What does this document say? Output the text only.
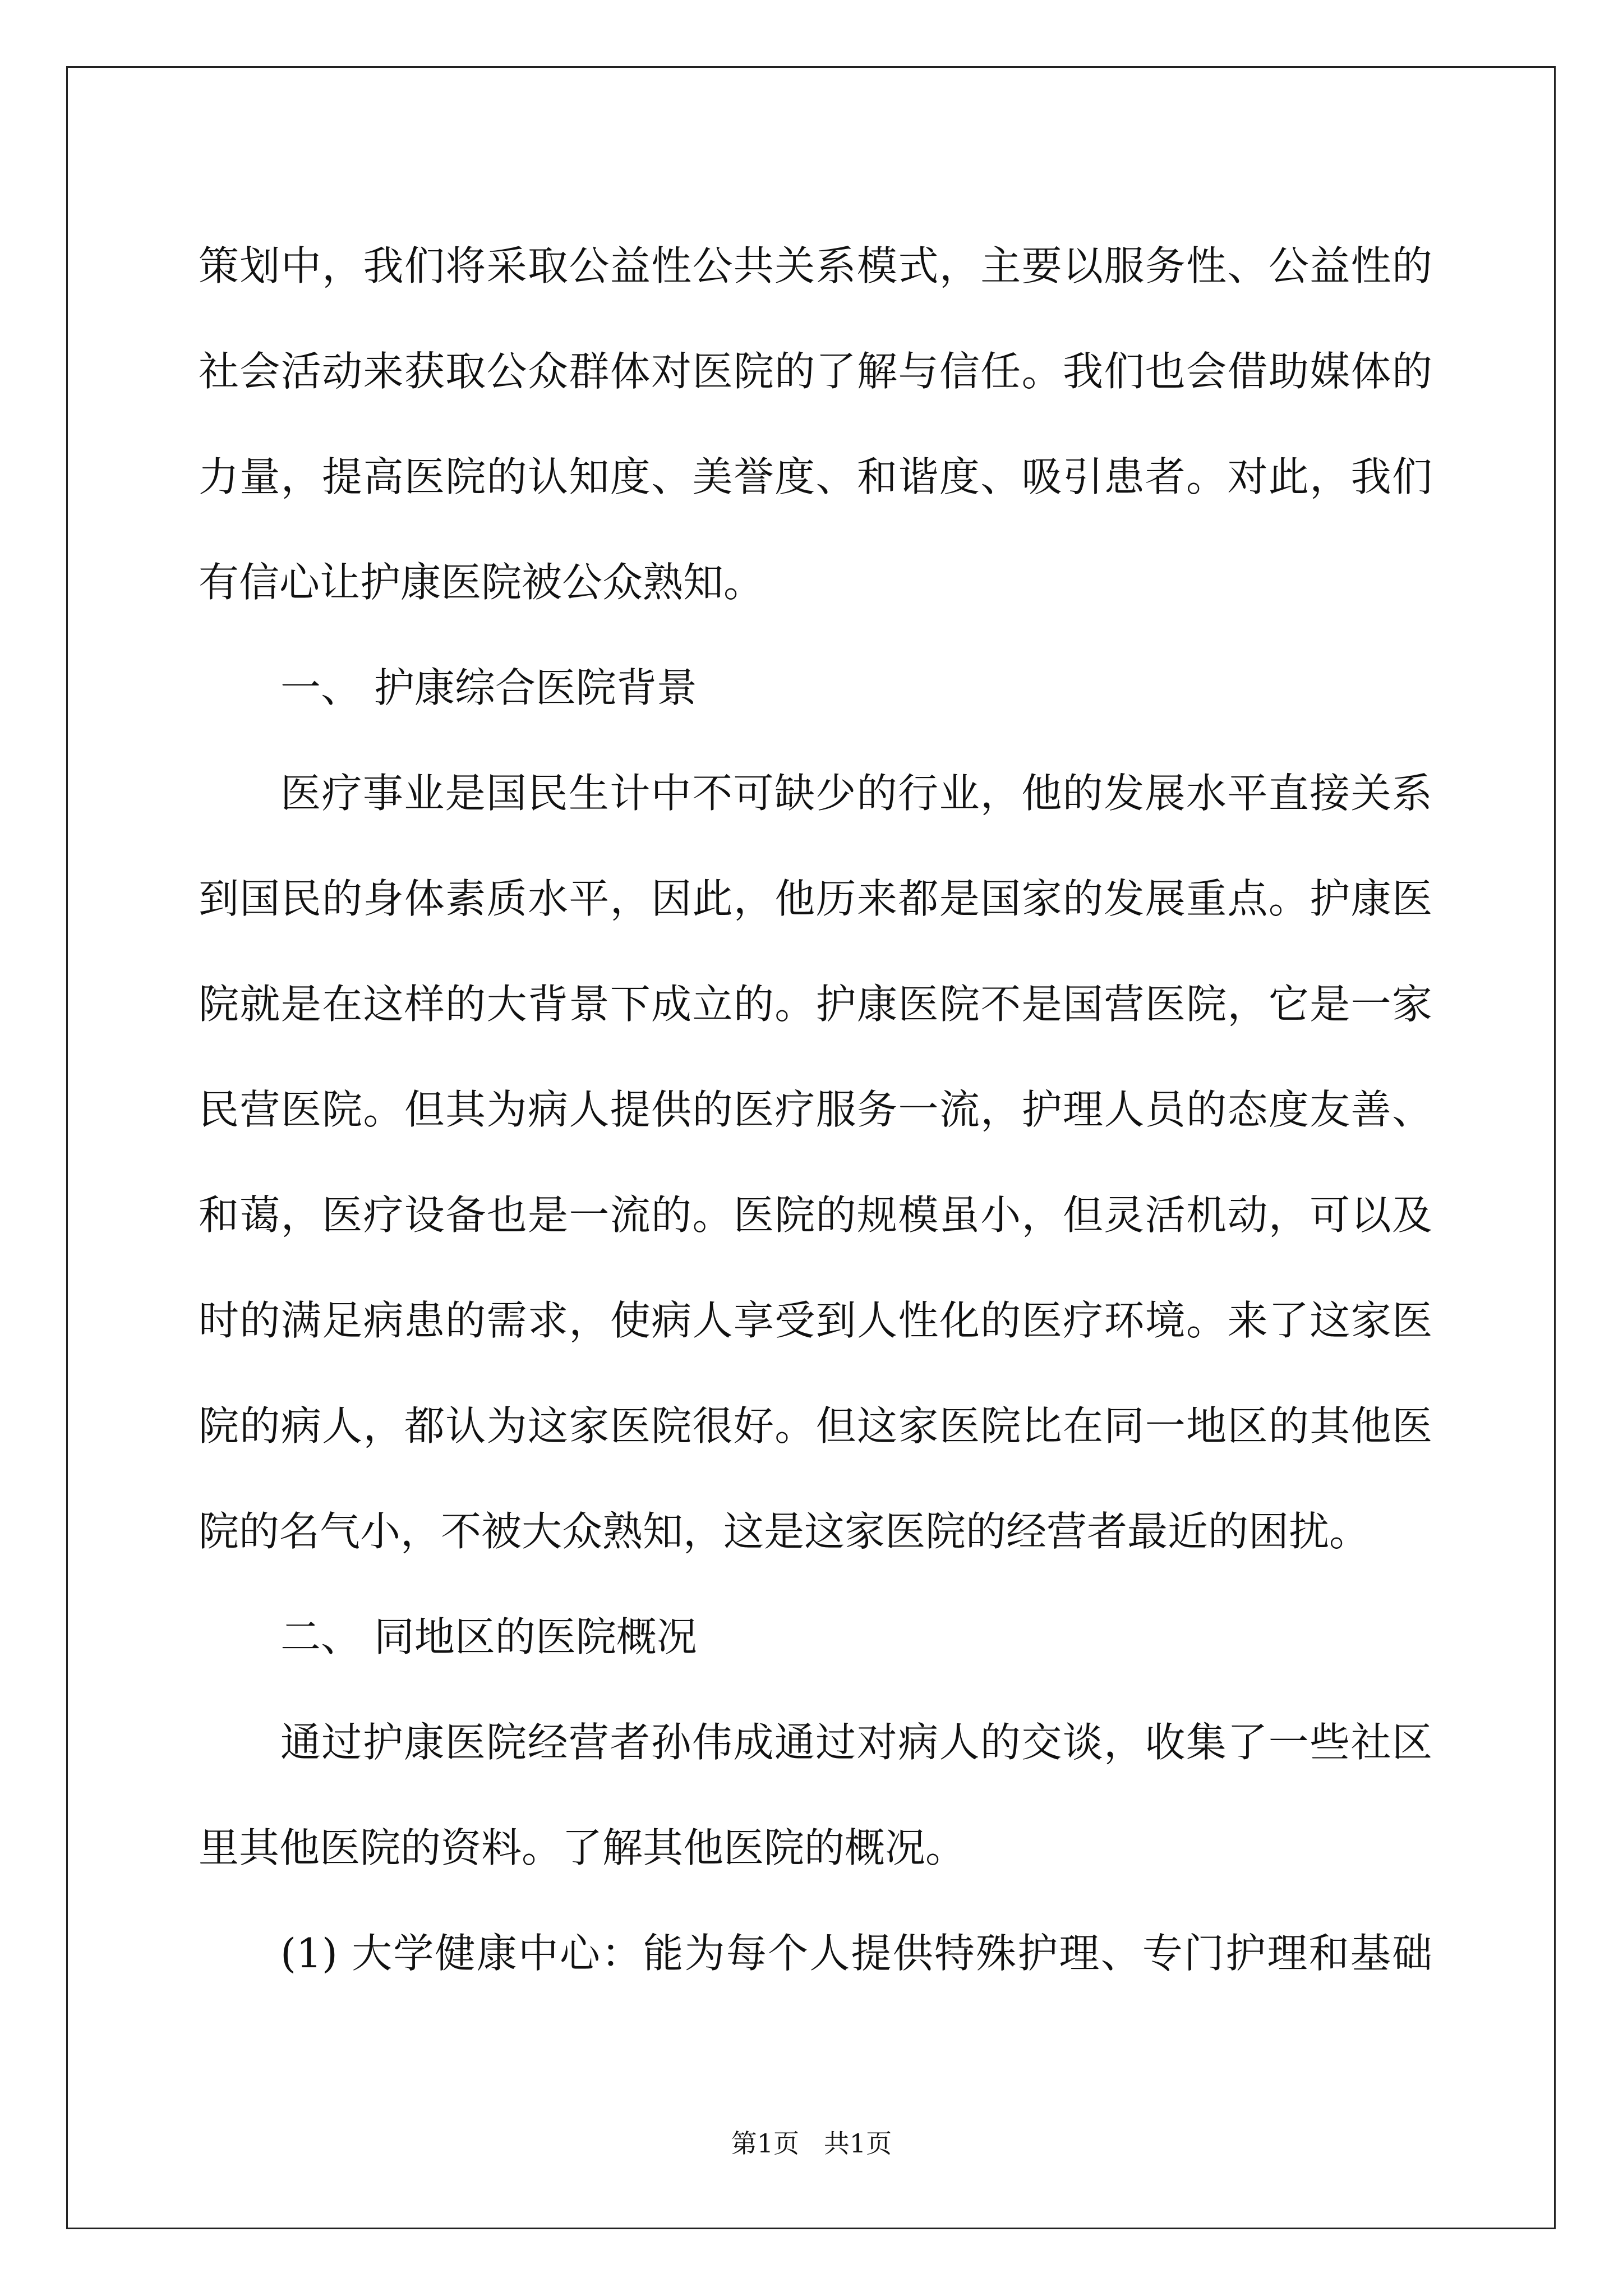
策划中，我们将采取公益性公共关系模式，主要以服务性、公益性的
社会活动来获取公众群体对医院的了解与信任。我们也会借助媒体的
力量，提高医院的认知度、美誉度、和谐度、吸引患者。对此，我们
有信心让护康医院被公众熟知。
一、 护康综合医院背景
医疗事业是国民生计中不可缺少的行业，他的发展水平直接关系
到国民的身体素质水平，因此，他历来都是国家的发展重点。护康医
院就是在这样的大背景下成立的。护康医院不是国营医院，它是一家
民营医院。但其为病人提供的医疗服务一流，护理人员的态度友善、
和蔼，医疗设备也是一流的。医院的规模虽小，但灵活机动，可以及
时的满足病患的需求，使病人享受到人性化的医疗环境。来了这家医
院的病人，都认为这家医院很好。但这家医院比在同一地区的其他医
院的名气小，不被大众熟知，这是这家医院的经营者最近的困扰。
二、 同地区的医院概况
通过护康医院经营者孙伟成通过对病人的交谈，收集了一些社区
里其他医院的资料。了解其他医院的概况。
(1) 大学健康中心：能为每个人提供特殊护理、专门护理和基础
第1页   共1页
